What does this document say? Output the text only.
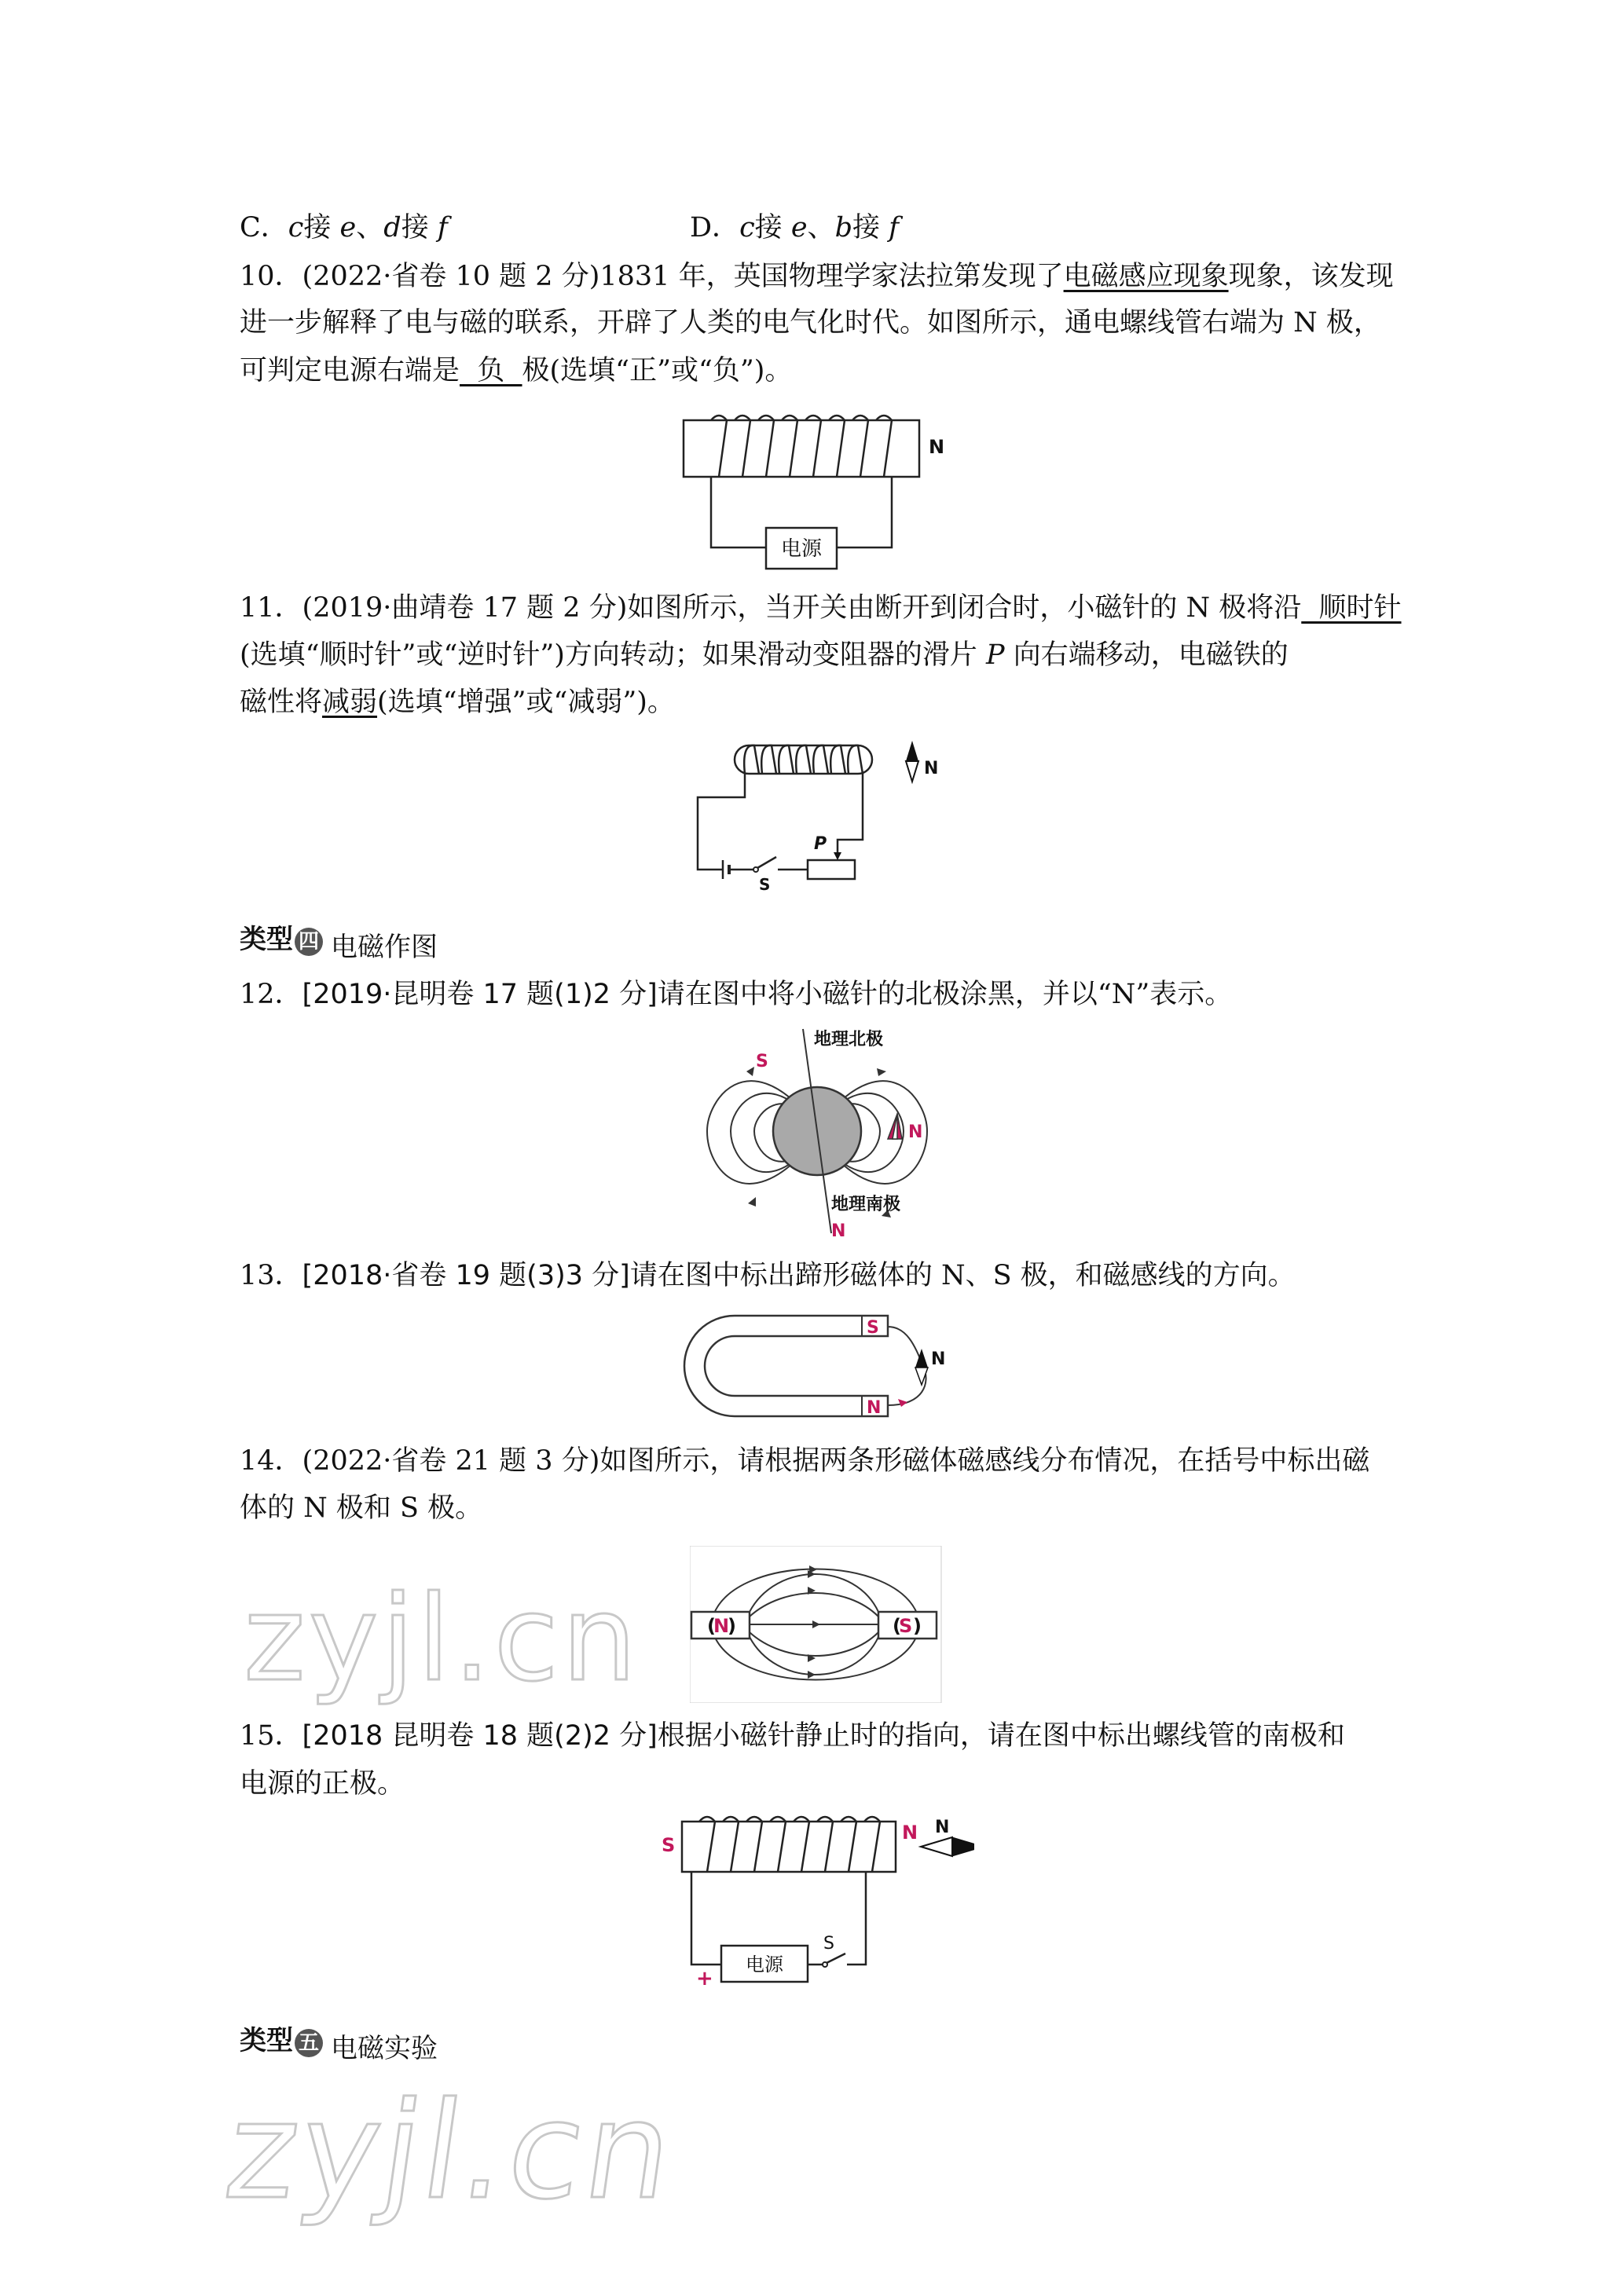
C．c接 e、d接 f	D．c接 e、b接 f
10．(2022·省卷 10 题 2 分)1831 年，英国物理学家法拉第发现了电磁感应现象现象，该发现
进一步解释了电与磁的联系，开辟了人类的电气化时代。如图所示，通电螺线管右端为 N 极，
可判定电源右端是  负  极(选填“正”或“负”)。
N
电源
11．(2019·曲靖卷 17 题 2 分)如图所示，当开关由断开到闭合时，小磁针的 N 极将沿  顺时针
(选填“顺时针”或“逆时针”)方向转动；如果滑动变阻器的滑片 P 向右端移动，电磁铁的
磁性将减弱(选填“增强”或“减弱”)。
N
S
P
类型 四 电磁作图
12．[2019·昆明卷 17 题(1)2 分]请在图中将小磁针的北极涂黑，并以“N”表示。
地理北极
S
地理南极
N
N
13．[2018·省卷 19 题(3)3 分]请在图中标出蹄形磁体的 N、S 极，和磁感线的方向。
S
N
N
14．(2022·省卷 21 题 3 分)如图所示，请根据两条形磁体磁感线分布情况，在括号中标出磁
体的 N 极和 S 极。
(
N
)	(
S )
zyjl.cn
15．[2018 昆明卷 18 题(2)2 分]根据小磁针静止时的指向，请在图中标出螺线管的南极和
电源的正极。
S
N N
电源
+
S
类型 五 电磁实验
zyjl.cn
